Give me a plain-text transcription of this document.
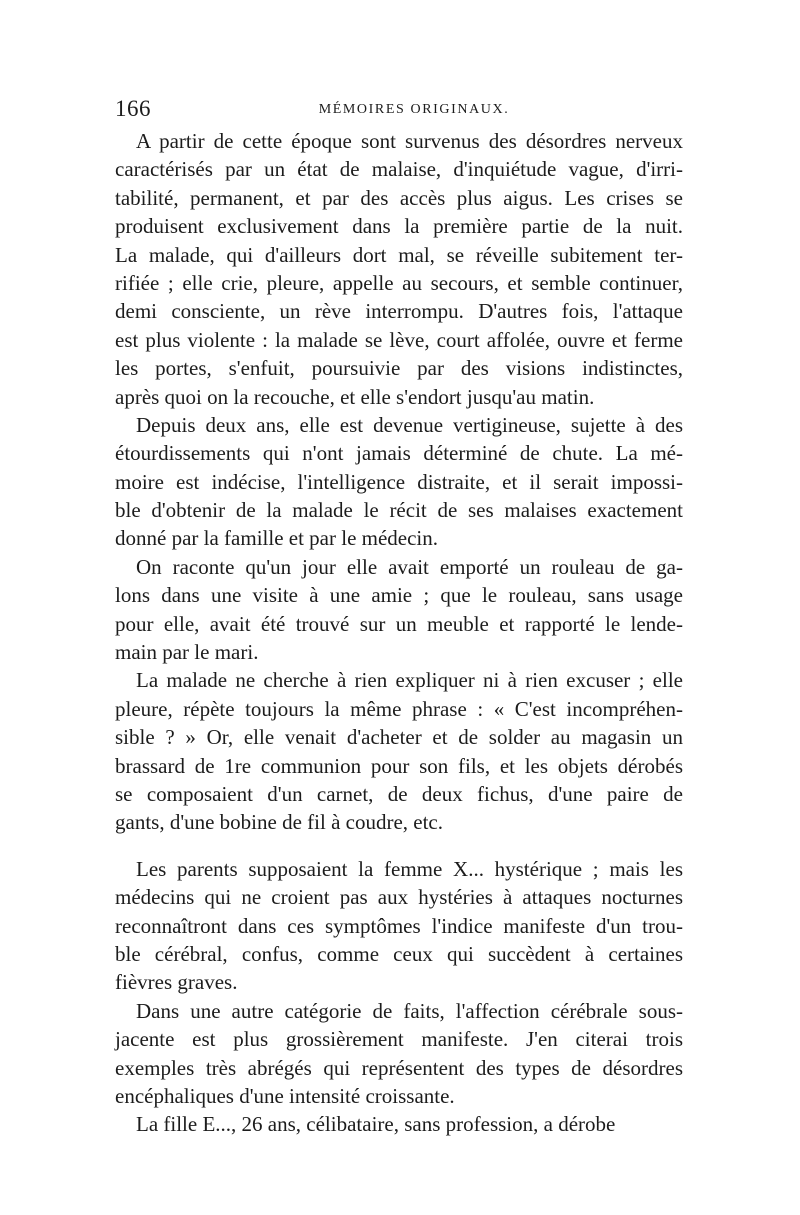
166	MÉMOIRES ORIGINAUX.
A partir de cette époque sont survenus des désordres nerveux
caractérisés par un état de malaise, d'inquiétude vague, d'irri-
tabilité, permanent, et par des accès plus aigus. Les crises se
produisent exclusivement dans la première partie de la nuit.
La malade, qui d'ailleurs dort mal, se réveille subitement ter-
rifiée ; elle crie, pleure, appelle au secours, et semble continuer,
demi consciente, un rève interrompu. D'autres fois, l'attaque
est plus violente : la malade se lève, court affolée, ouvre et ferme
les portes, s'enfuit, poursuivie par des visions indistinctes,
après quoi on la recouche, et elle s'endort jusqu'au matin.
Depuis deux ans, elle est devenue vertigineuse, sujette à des
étourdissements qui n'ont jamais déterminé de chute. La mé-
moire est indécise, l'intelligence distraite, et il serait impossi-
ble d'obtenir de la malade le récit de ses malaises exactement
donné par la famille et par le médecin.
On raconte qu'un jour elle avait emporté un rouleau de ga-
lons dans une visite à une amie ; que le rouleau, sans usage
pour elle, avait été trouvé sur un meuble et rapporté le lende-
main par le mari.
La malade ne cherche à rien expliquer ni à rien excuser ; elle
pleure, répète toujours la même phrase : « C'est incompréhen-
sible ? » Or, elle venait d'acheter et de solder au magasin un
brassard de 1re communion pour son fils, et les objets dérobés
se composaient d'un carnet, de deux fichus, d'une paire de
gants, d'une bobine de fil à coudre, etc.
Les parents supposaient la femme X... hystérique ; mais les
médecins qui ne croient pas aux hystéries à attaques nocturnes
reconnaîtront dans ces symptômes l'indice manifeste d'un trou-
ble cérébral, confus, comme ceux qui succèdent à certaines
fièvres graves.
Dans une autre catégorie de faits, l'affection cérébrale sous-
jacente est plus grossièrement manifeste. J'en citerai trois
exemples très abrégés qui représentent des types de désordres
encéphaliques d'une intensité croissante.
La fille E..., 26 ans, célibataire, sans profession, a dérobe
